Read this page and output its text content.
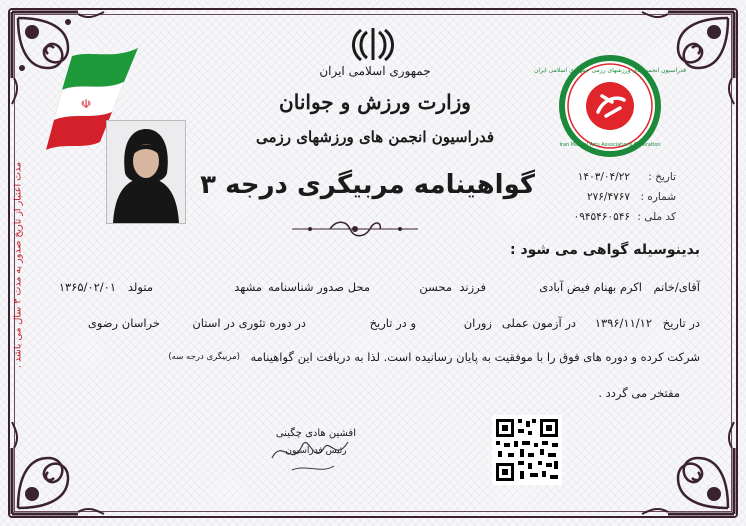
☫
جمهوری اسلامی ایران
وزارت ورزش و جوانان
فدراسیون انجمن های ورزشهای رزمی
فدراسیون انجمن های ورزشهای رزمی جمهوری اسلامی ایران
Iran Martial Arts Associations Federation
مدت اعتبار از تاریخ صدور به مدت ۳ سال می باشد .	گواهینامه مربیگری درجه ۳	تاریخ :
۱۴۰۳/۰۴/۲۲
شماره :
۲۷۶/۴۷۶۷
کد ملی :
۰۹۴۵۴۶۰۵۴۶
بدینوسیله گواهی می شود :
آقای/خانم
اکرم بهنام فیض آبادی
فرزند
محسن
محل صدور شناسنامه
مشهد
متولد
۱۳۶۵/۰۲/۰۱
در تاریخ
۱۳۹۶/۱۱/۱۲
در آزمون عملی
زوران
و در تاریخ
در دوره تئوری در استان
خراسان رضوی
شرکت کرده و دوره های فوق را با موفقیت به پایان رسانیده است. لذا به دریافت این گواهینامه
(مربیگری درجه سه)
مفتخر می گردد .
افشین هادی چگینی
رئیس فدراسیون
